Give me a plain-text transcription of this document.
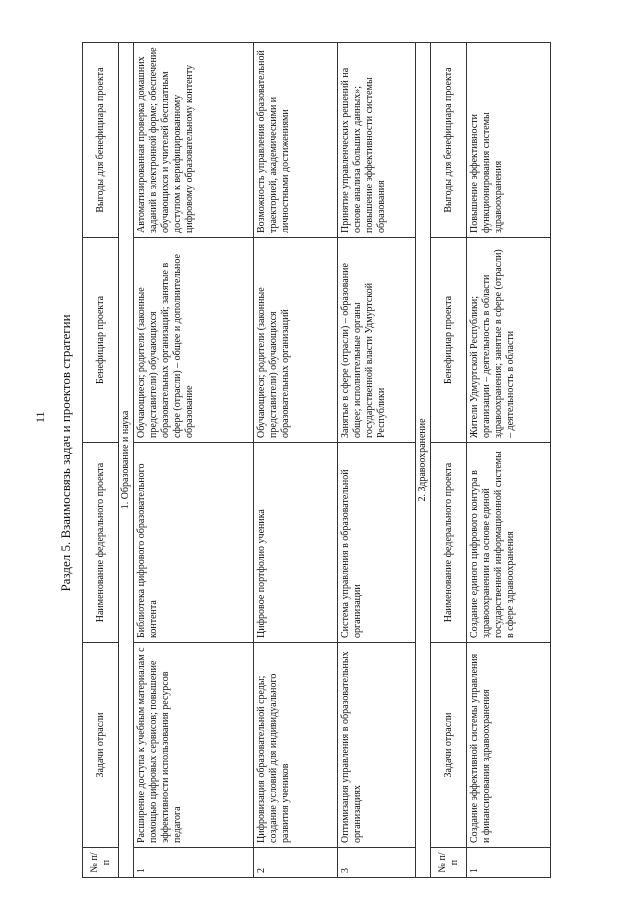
11 Раздел 5. Взаимосвязь задач и проектов стратегии
№ п/п	Задачи отрасли	Наименование федерального проекта	Бенефициар проекта	Выгоды для бенефициара проекта
1. Образование и наука				
1	Расширение доступа к учебным материалам с помощью цифровых сервисов; повышение эффективности использования ресурсов педагога	Библиотека цифрового образовательного контента	Обучающиеся; родители (законные представители) обучающихся образовательных организаций; занятые в сфере (отрасли) – общее и дополнительное образование	Автоматизированная проверка домашних заданий в электронной форме; обеспечение обучающихся и учителей бесплатным доступом к верифицированному цифровому образовательному контенту
2	Цифровизация образовательной среды; создание условий для индивидуального развития учеников	Цифровое портфолио ученика	Обучающиеся; родители (законные представители) обучающихся образовательных организаций	Возможность управления образовательной траекторией, академическими и личностными достижениями
3	Оптимизация управления в образовательных организациях	Система управления в образовательной организации	Занятые в сфере (отрасли) – образование общее; исполнительные органы государственной власти Удмуртской Республики	Принятие управленческих решений на основе анализа больших данных»; повышение эффективности системы образования
2. Здравоохранение				
№ п/п	Задачи отрасли	Наименование федерального проекта	Бенефициар проекта	Выгоды для бенефициара проекта
1	Создание эффективной системы управления и финансирования здравоохранения	Создание единого цифрового контура в здравоохранении на основе единой государственной информационной системы в сфере здравоохранения	Жители Удмуртской Республики; организации – деятельность в области здравоохранения; занятые в сфере (отрасли) – деятельность в области	Повышение эффективности функционирования системы здравоохранения
